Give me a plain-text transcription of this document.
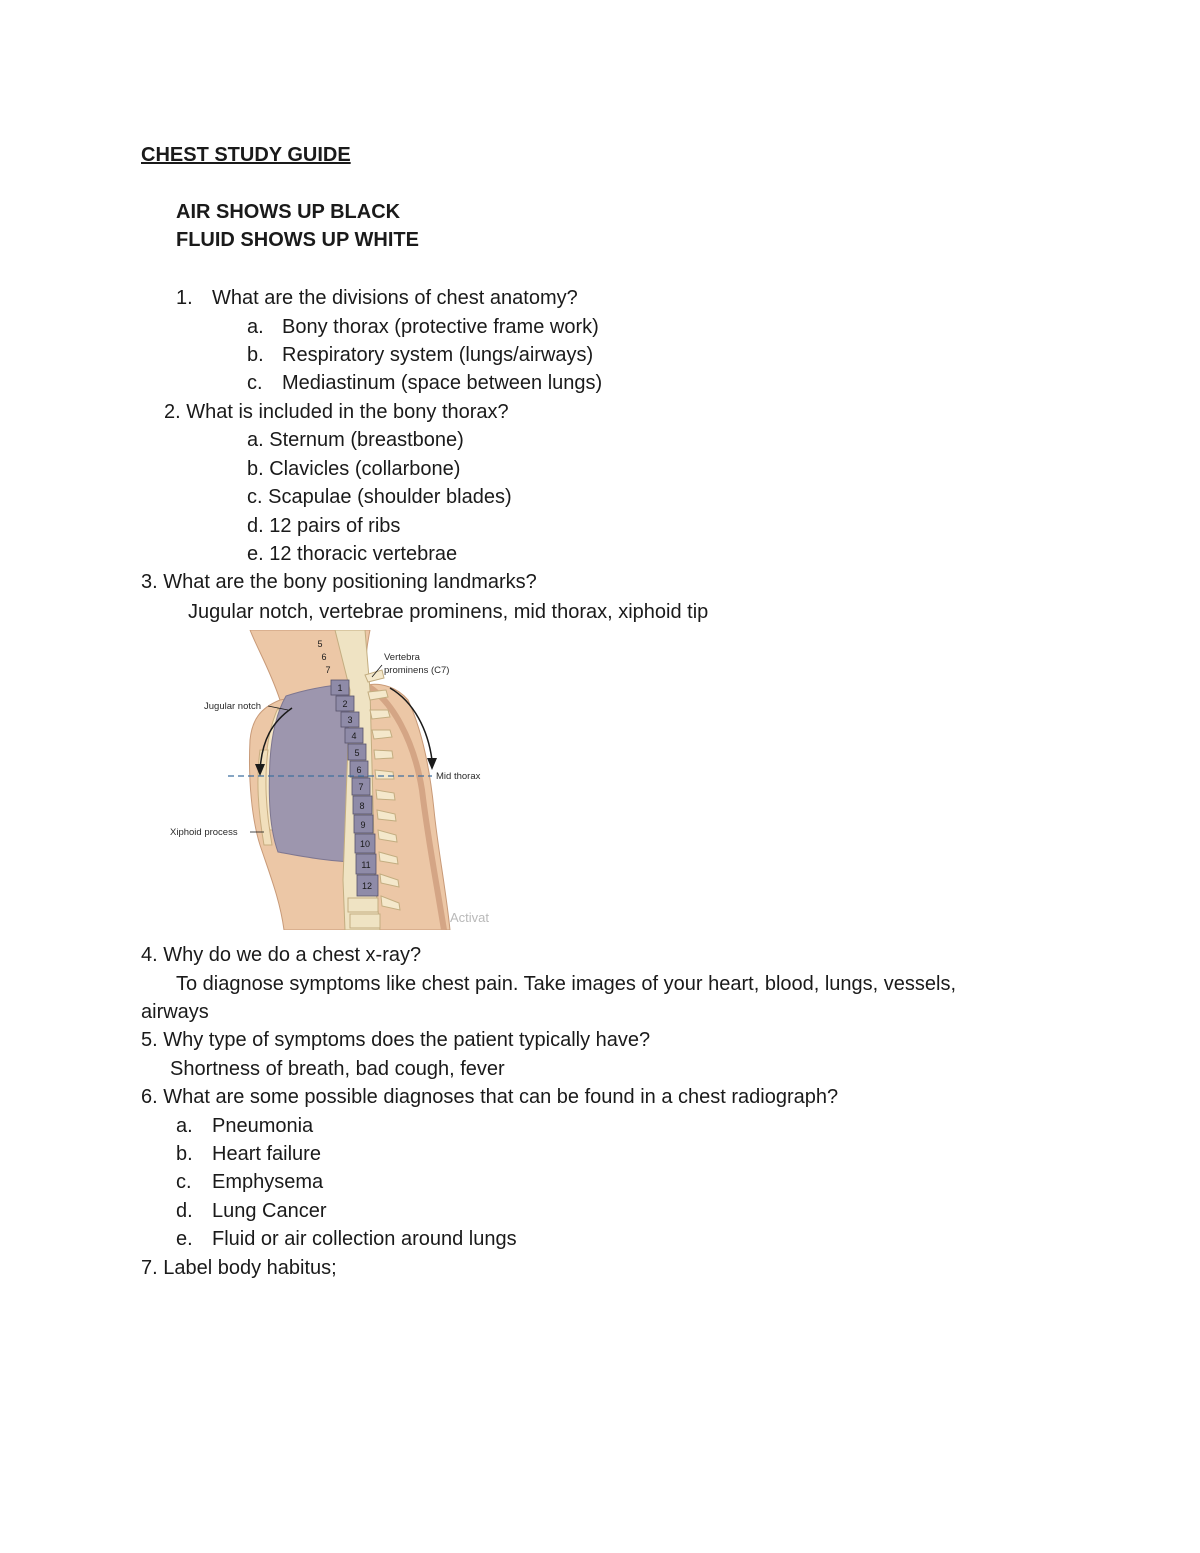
CHEST STUDY GUIDE
AIR SHOWS UP BLACK
FLUID SHOWS UP WHITE
1. What are the divisions of chest anatomy?
a. Bony thorax (protective frame work)
b. Respiratory system (lungs/airways)
c. Mediastinum (space between lungs)
2. What is included in the bony thorax?
a. Sternum (breastbone)
b. Clavicles (collarbone)
c. Scapulae (shoulder blades)
d. 12 pairs of ribs
e. 12 thoracic vertebrae
3. What are the bony positioning landmarks?
Jugular notch, vertebrae prominens, mid thorax, xiphoid tip
5
6
7
1
2
3
4
5
6
7
8
9
10
11
12
Vertebra
prominens (C7)
Jugular notch
Mid thorax
Xiphoid process
Activat
4. Why do we do a chest x-ray?
To diagnose symptoms like chest pain. Take images of your heart, blood, lungs, vessels,
airways
5. Why type of symptoms does the patient typically have?
Shortness of breath, bad cough, fever
6. What are some possible diagnoses that can be found in a chest radiograph?
a. Pneumonia
b. Heart failure
c. Emphysema
d. Lung Cancer
e. Fluid or air collection around lungs
7. Label body habitus;
